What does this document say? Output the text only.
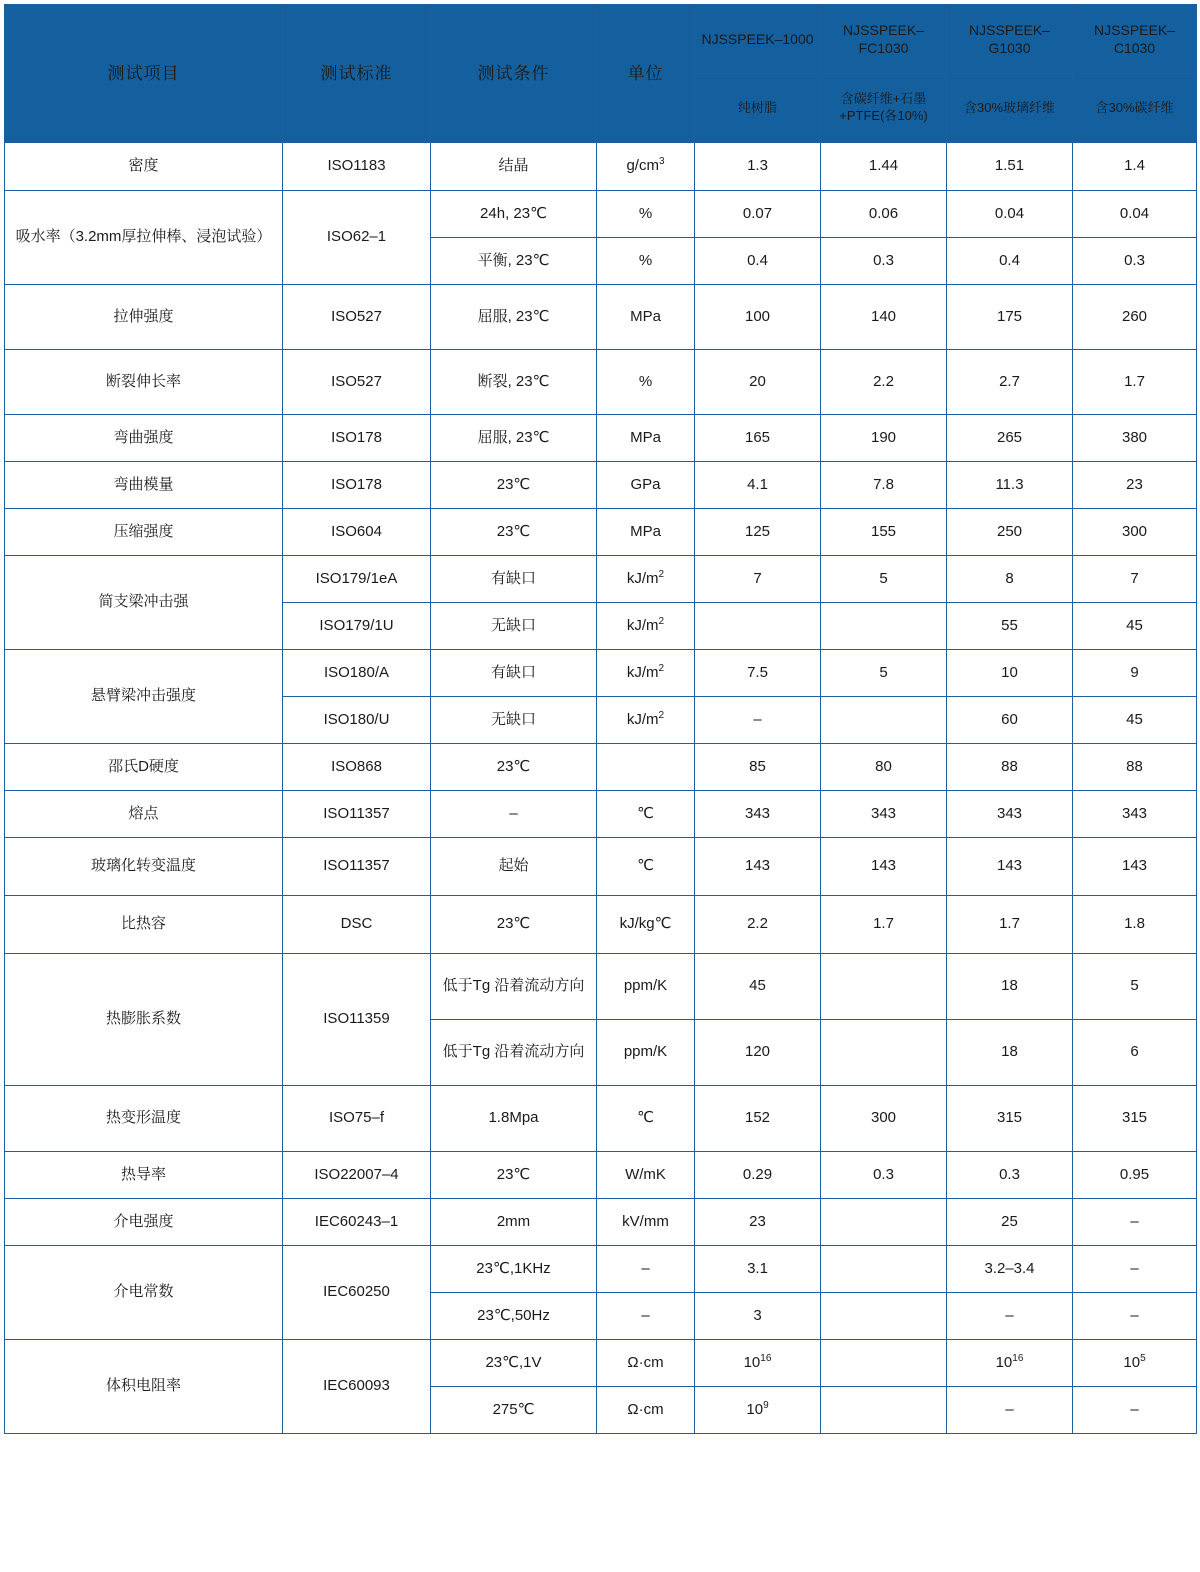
测试项目	测试标准	测试条件	单位	NJSSPEEK–1000	NJSSPEEK–FC1030	NJSSPEEK–G1030	NJSSPEEK–C1030
				纯树脂	含碳纤维+石墨+PTFE(各10%)	含30%玻璃纤维	含30%碳纤维
密度	ISO1183	结晶	$g/cm^3$	1.3	1.44	1.51	1.4
吸水率（3.2mm厚拉伸棒、浸泡试验）	ISO62–1	24h, 23℃	%	0.07	0.06	0.04	0.04
		平衡, 23℃	%	0.4	0.3	0.4	0.3
拉伸强度	ISO527	屈服, 23℃	MPa	100	140	175	260
断裂伸长率	ISO527	断裂, 23℃	%	20	2.2	2.7	1.7
弯曲强度	ISO178	屈服, 23℃	MPa	165	190	265	380
弯曲模量	ISO178	23℃	GPa	4.1	7.8	11.3	23
压缩强度	ISO604	23℃	MPa	125	155	250	300
简支梁冲击强	ISO179/1eA	有缺口	$kJ/m^2$	7	5	8	7
	ISO179/1U	无缺口	$kJ/m^2$			55	45
悬臂梁冲击强度	ISO180/A	有缺口	$kJ/m^2$	7.5	5	10	9
	ISO180/U	无缺口	$kJ/m^2$	–		60	45
邵氏D硬度	ISO868	23℃		85	80	88	88
熔点	ISO11357	–	℃	343	343	343	343
玻璃化转变温度	ISO11357	起始	℃	143	143	143	143
比热容	DSC	23℃	kJ/kg℃	2.2	1.7	1.7	1.8
热膨胀系数	ISO11359	低于Tg 沿着流动方向	ppm/K	45		18	5
		低于Tg 沿着流动方向	ppm/K	120		18	6
热变形温度	ISO75–f	1.8Mpa	℃	152	300	315	315
热导率	ISO22007–4	23℃	W/mK	0.29	0.3	0.3	0.95
介电强度	IEC60243–1	2mm	kV/mm	23		25	–
介电常数	IEC60250	23℃,1KHz	–	3.1		3.2–3.4	–
		23℃,50Hz	–	3		–	–
体积电阻率	IEC60093	23℃,1V	Ω·cm	$10^{16}$		$10^{16}$	$10^5$
		275℃	Ω·cm	$10^9$		–	–
